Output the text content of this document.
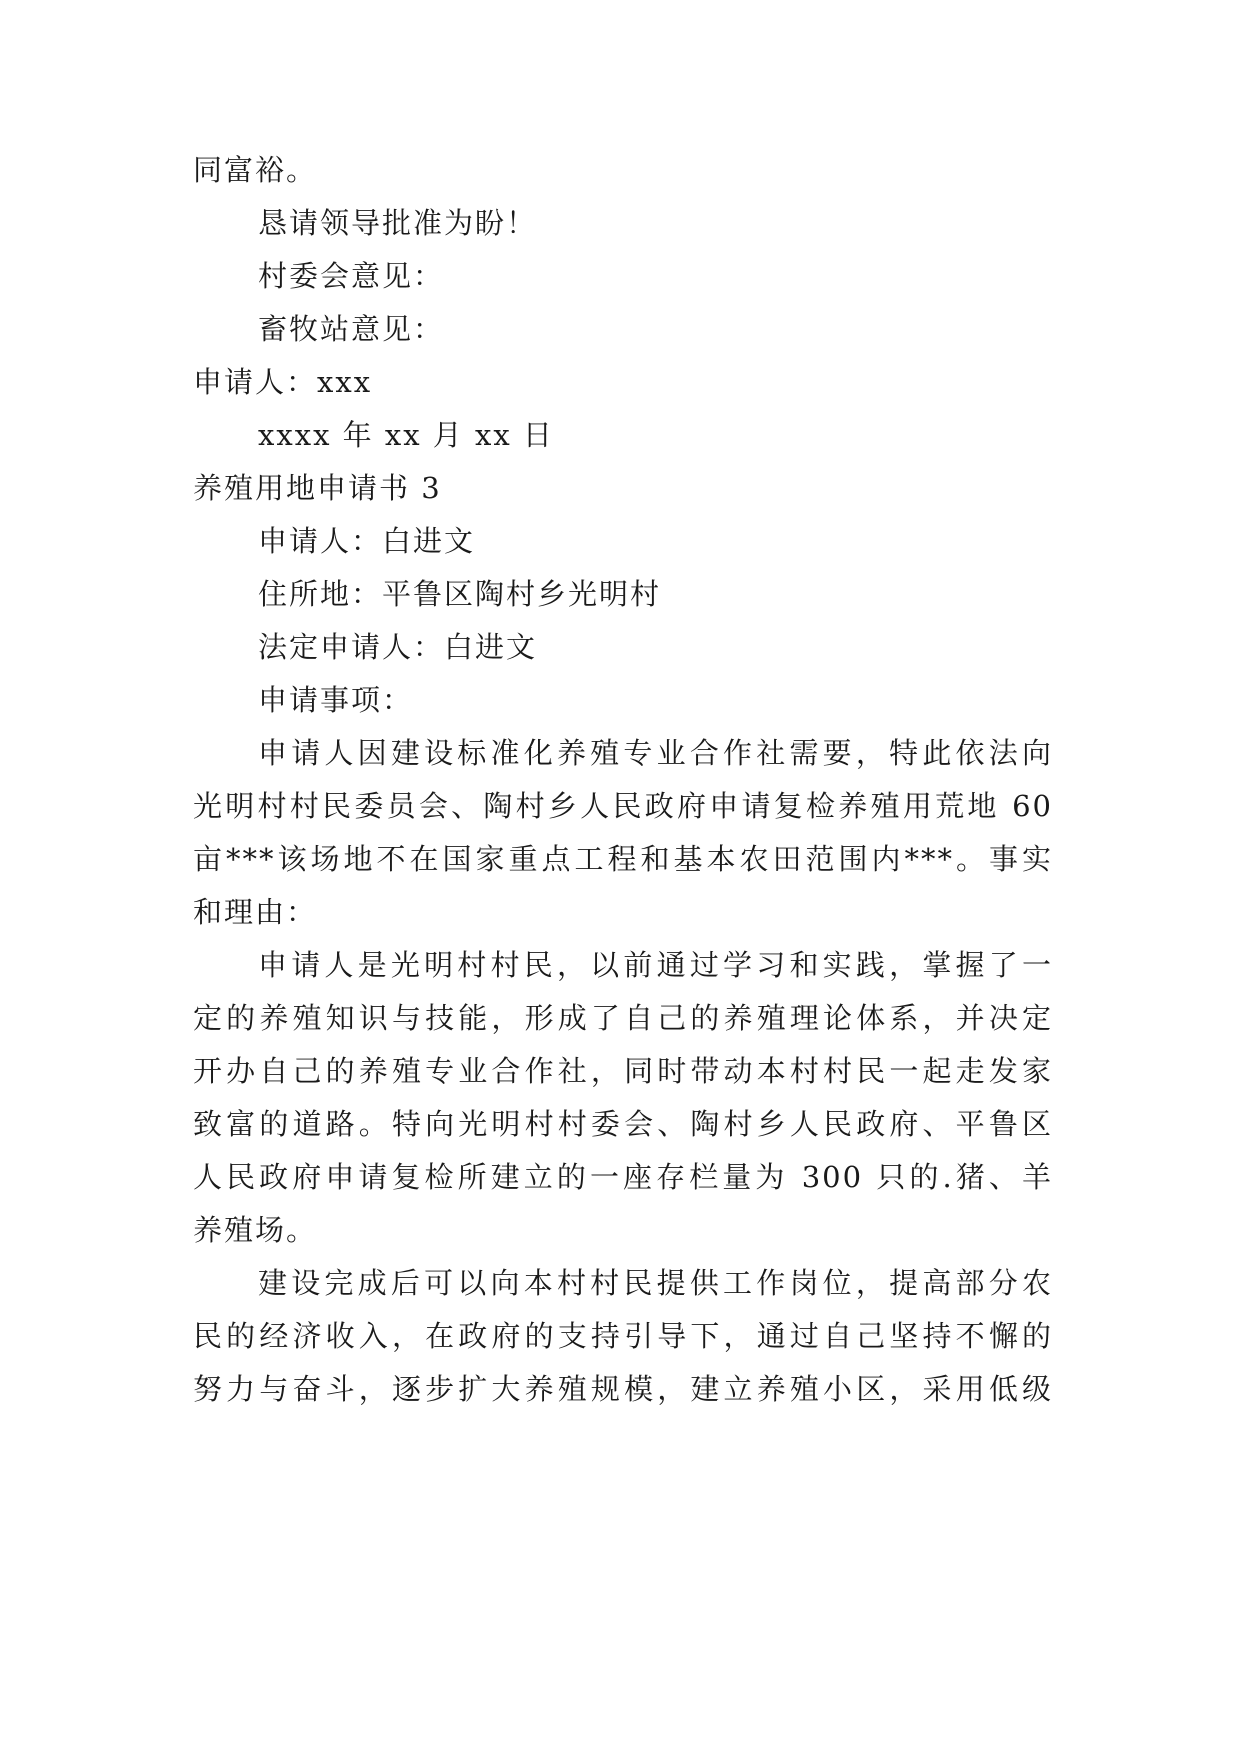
同富裕。
恳请领导批准为盼！
村委会意见：
畜牧站意见：
申请人：xxx
xxxx 年 xx 月 xx 日
养殖用地申请书 3
申请人：白进文
住所地：平鲁区陶村乡光明村
法定申请人：白进文
申请事项：
申请人因建设标准化养殖专业合作社需要，特此依法向
光明村村民委员会、陶村乡人民政府申请复检养殖用荒地 60
亩***该场地不在国家重点工程和基本农田范围内***。事实
和理由：
申请人是光明村村民，以前通过学习和实践，掌握了一
定的养殖知识与技能，形成了自己的养殖理论体系，并决定
开办自己的养殖专业合作社，同时带动本村村民一起走发家
致富的道路。特向光明村村委会、陶村乡人民政府、平鲁区
人民政府申请复检所建立的一座存栏量为 300 只的.猪、羊
养殖场。
建设完成后可以向本村村民提供工作岗位，提高部分农
民的经济收入，在政府的支持引导下，通过自己坚持不懈的
努力与奋斗，逐步扩大养殖规模，建立养殖小区，采用低级
